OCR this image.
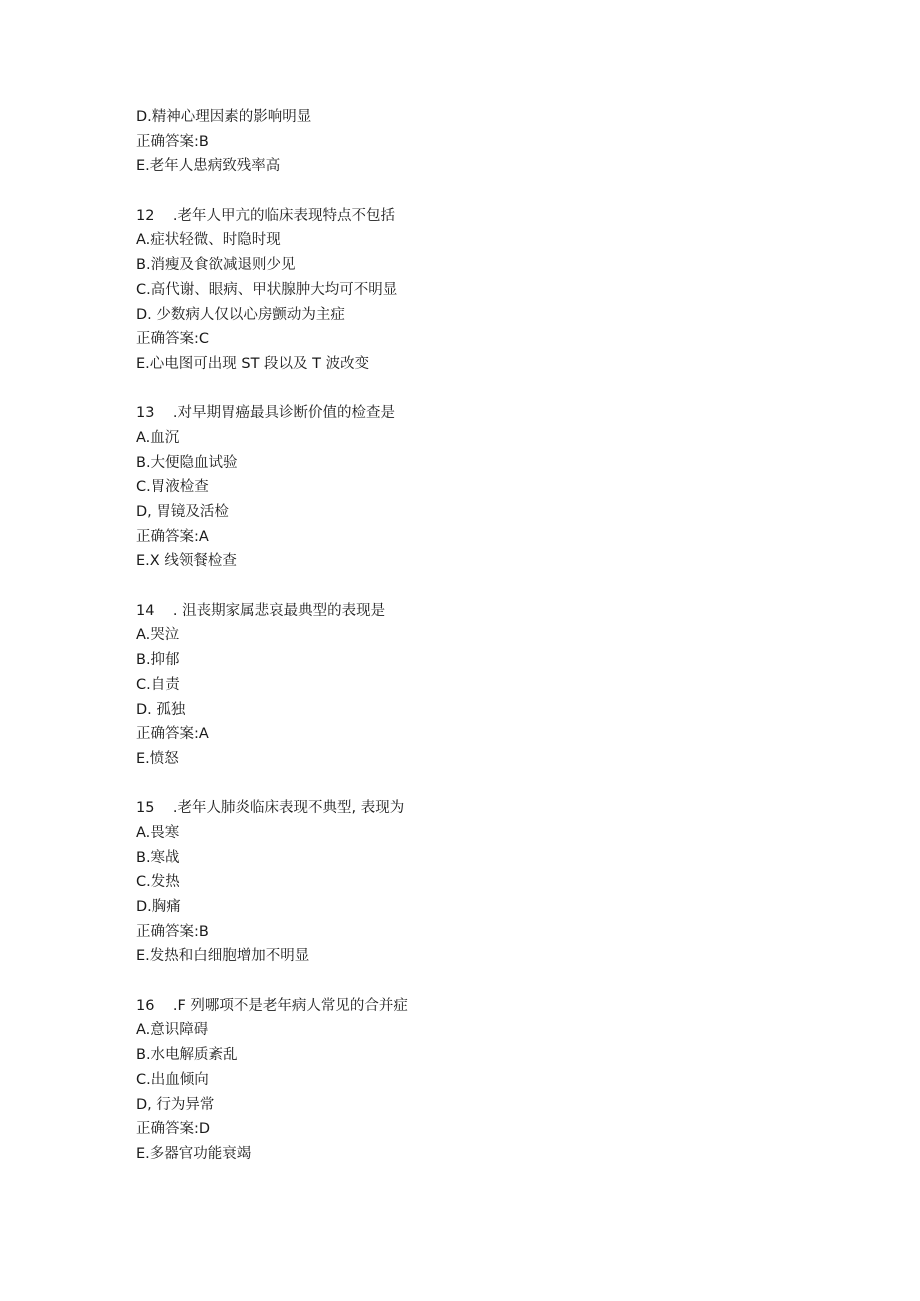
D.精神心理因素的影响明显
正确答案:B
E.老年人患病致残率高
12	.老年人甲亢的临床表现特点不包括
A.症状轻微、时隐时现
B.消瘦及食欲减退则少见
C.高代谢、眼病、甲状腺肿大均可不明显
D. 少数病人仅以心房颤动为主症
正确答案:C
E.心电图可出现 ST 段以及 T 波改变
13	.对早期胃癌最具诊断价值的检查是
A.血沉
B.大便隐血试验
C.胃液检查
D, 胃镜及活检
正确答案:A
E.X 线领餐检查
14	. 沮丧期家属悲哀最典型的表现是
A.哭泣
B.抑郁
C.自责
D. 孤独
正确答案:A
E.愤怒
15	.老年人肺炎临床表现不典型, 表现为
A.畏寒
B.寒战
C.发热
D.胸痛
正确答案:B
E.发热和白细胞增加不明显
16	.F 列哪项不是老年病人常见的合并症
A.意识障碍
B.水电解质紊乱
C.出血倾向
D, 行为异常
正确答案:D
E.多器官功能衰竭
